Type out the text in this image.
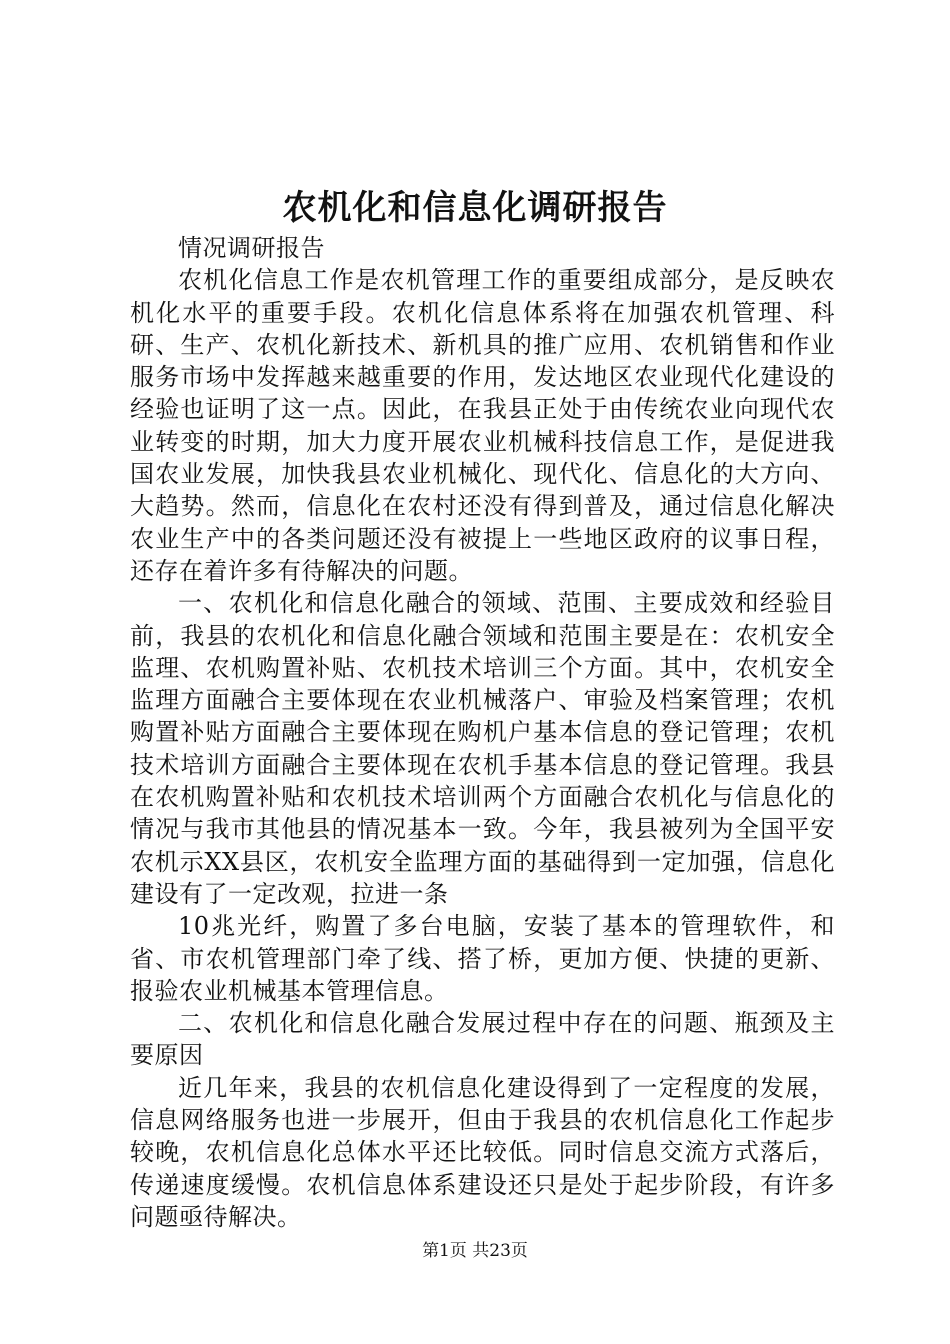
农机化和信息化调研报告

情况调研报告

农机化信息工作是农机管理工作的重要组成部分，是反映农机化水平的重要手段。农机化信息体系将在加强农机管理、科研、生产、农机化新技术、新机具的推广应用、农机销售和作业服务市场中发挥越来越重要的作用，发达地区农业现代化建设的经验也证明了这一点。因此，在我县正处于由传统农业向现代农业转变的时期，加大力度开展农业机械科技信息工作，是促进我国农业发展，加快我县农业机械化、现代化、信息化的大方向、大趋势。然而，信息化在农村还没有得到普及，通过信息化解决农业生产中的各类问题还没有被提上一些地区政府的议事日程，还存在着许多有待解决的问题。

一、农机化和信息化融合的领域、范围、主要成效和经验目前，我县的农机化和信息化融合领域和范围主要是在：农机安全监理、农机购置补贴、农机技术培训三个方面。其中，农机安全监理方面融合主要体现在农业机械落户、审验及档案管理；农机购置补贴方面融合主要体现在购机户基本信息的登记管理；农机技术培训方面融合主要体现在农机手基本信息的登记管理。我县在农机购置补贴和农机技术培训两个方面融合农机化与信息化的情况与我市其他县的情况基本一致。今年，我县被列为全国平安农机示XX县区，农机安全监理方面的基础得到一定加强，信息化建设有了一定改观，拉进一条

10兆光纤，购置了多台电脑，安装了基本的管理软件，和省、市农机管理部门牵了线、搭了桥，更加方便、快捷的更新、报验农业机械基本管理信息。

二、农机化和信息化融合发展过程中存在的问题、瓶颈及主要原因

近几年来，我县的农机信息化建设得到了一定程度的发展，信息网络服务也进一步展开，但由于我县的农机信息化工作起步较晚，农机信息化总体水平还比较低。同时信息交流方式落后，传递速度缓慢。农机信息体系建设还只是处于起步阶段，有许多问题亟待解决。

第1页 共23页
